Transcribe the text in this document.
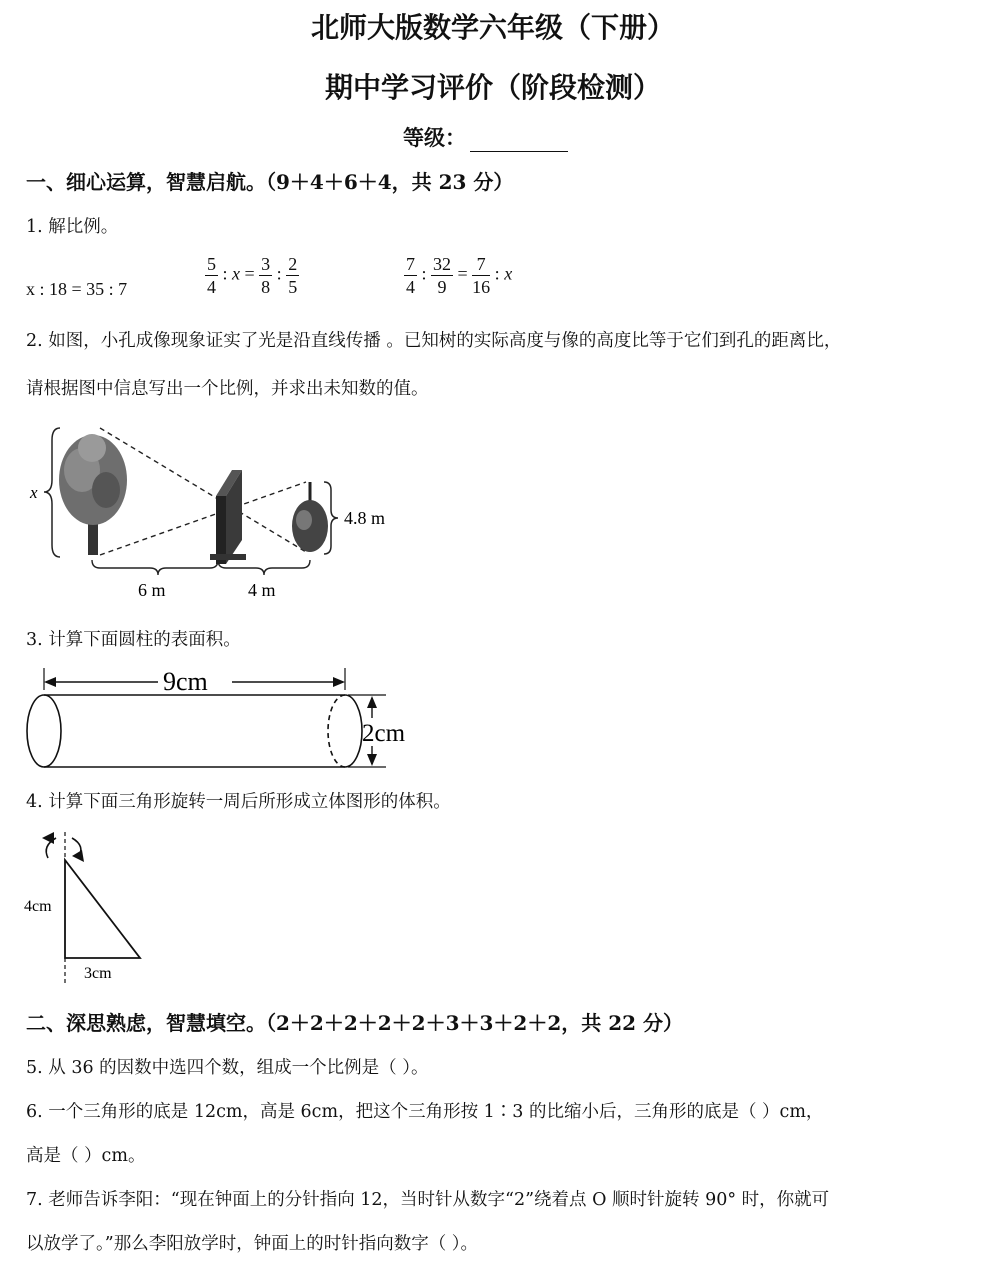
北师大版数学六年级（下册）
期中学习评价（阶段检测）
等级：
一、细心运算，智慧启航。（9＋4＋6＋4，共 23 分）
1. 解比例。
x : 18 = 35 : 7	$\frac{5}{4}$ : $x = \frac{3}{8}$ : $\frac{2}{5}$	$\frac{7}{4}$ : $\frac{32}{9} = \frac{7}{16}$ : x
2. 如图，小孔成像现象证实了光是沿直线传播 。已知树的实际高度与像的高度比等于它们到孔的距离比，
请根据图中信息写出一个比例，并求出未知数的值。
x
4.8 m
6 m	4 m
3. 计算下面圆柱的表面积。
9cm
2cm
4. 计算下面三角形旋转一周后所形成立体图形的体积。
4cm
3cm
二、深思熟虑，智慧填空。（2＋2＋2＋2＋2＋3＋3＋2＋2，共 22 分）
5. 从 36 的因数中选四个数，组成一个比例是（ ）。
6. 一个三角形的底是 12cm，高是 6cm，把这个三角形按 1∶3 的比缩小后，三角形的底是（ ）cm，
高是（ ）cm。
7. 老师告诉李阳：“现在钟面上的分针指向 12，当时针从数字“2”绕着点 O 顺时针旋转 90° 时，你就可
以放学了。”那么李阳放学时，钟面上的时针指向数字（ ）。
